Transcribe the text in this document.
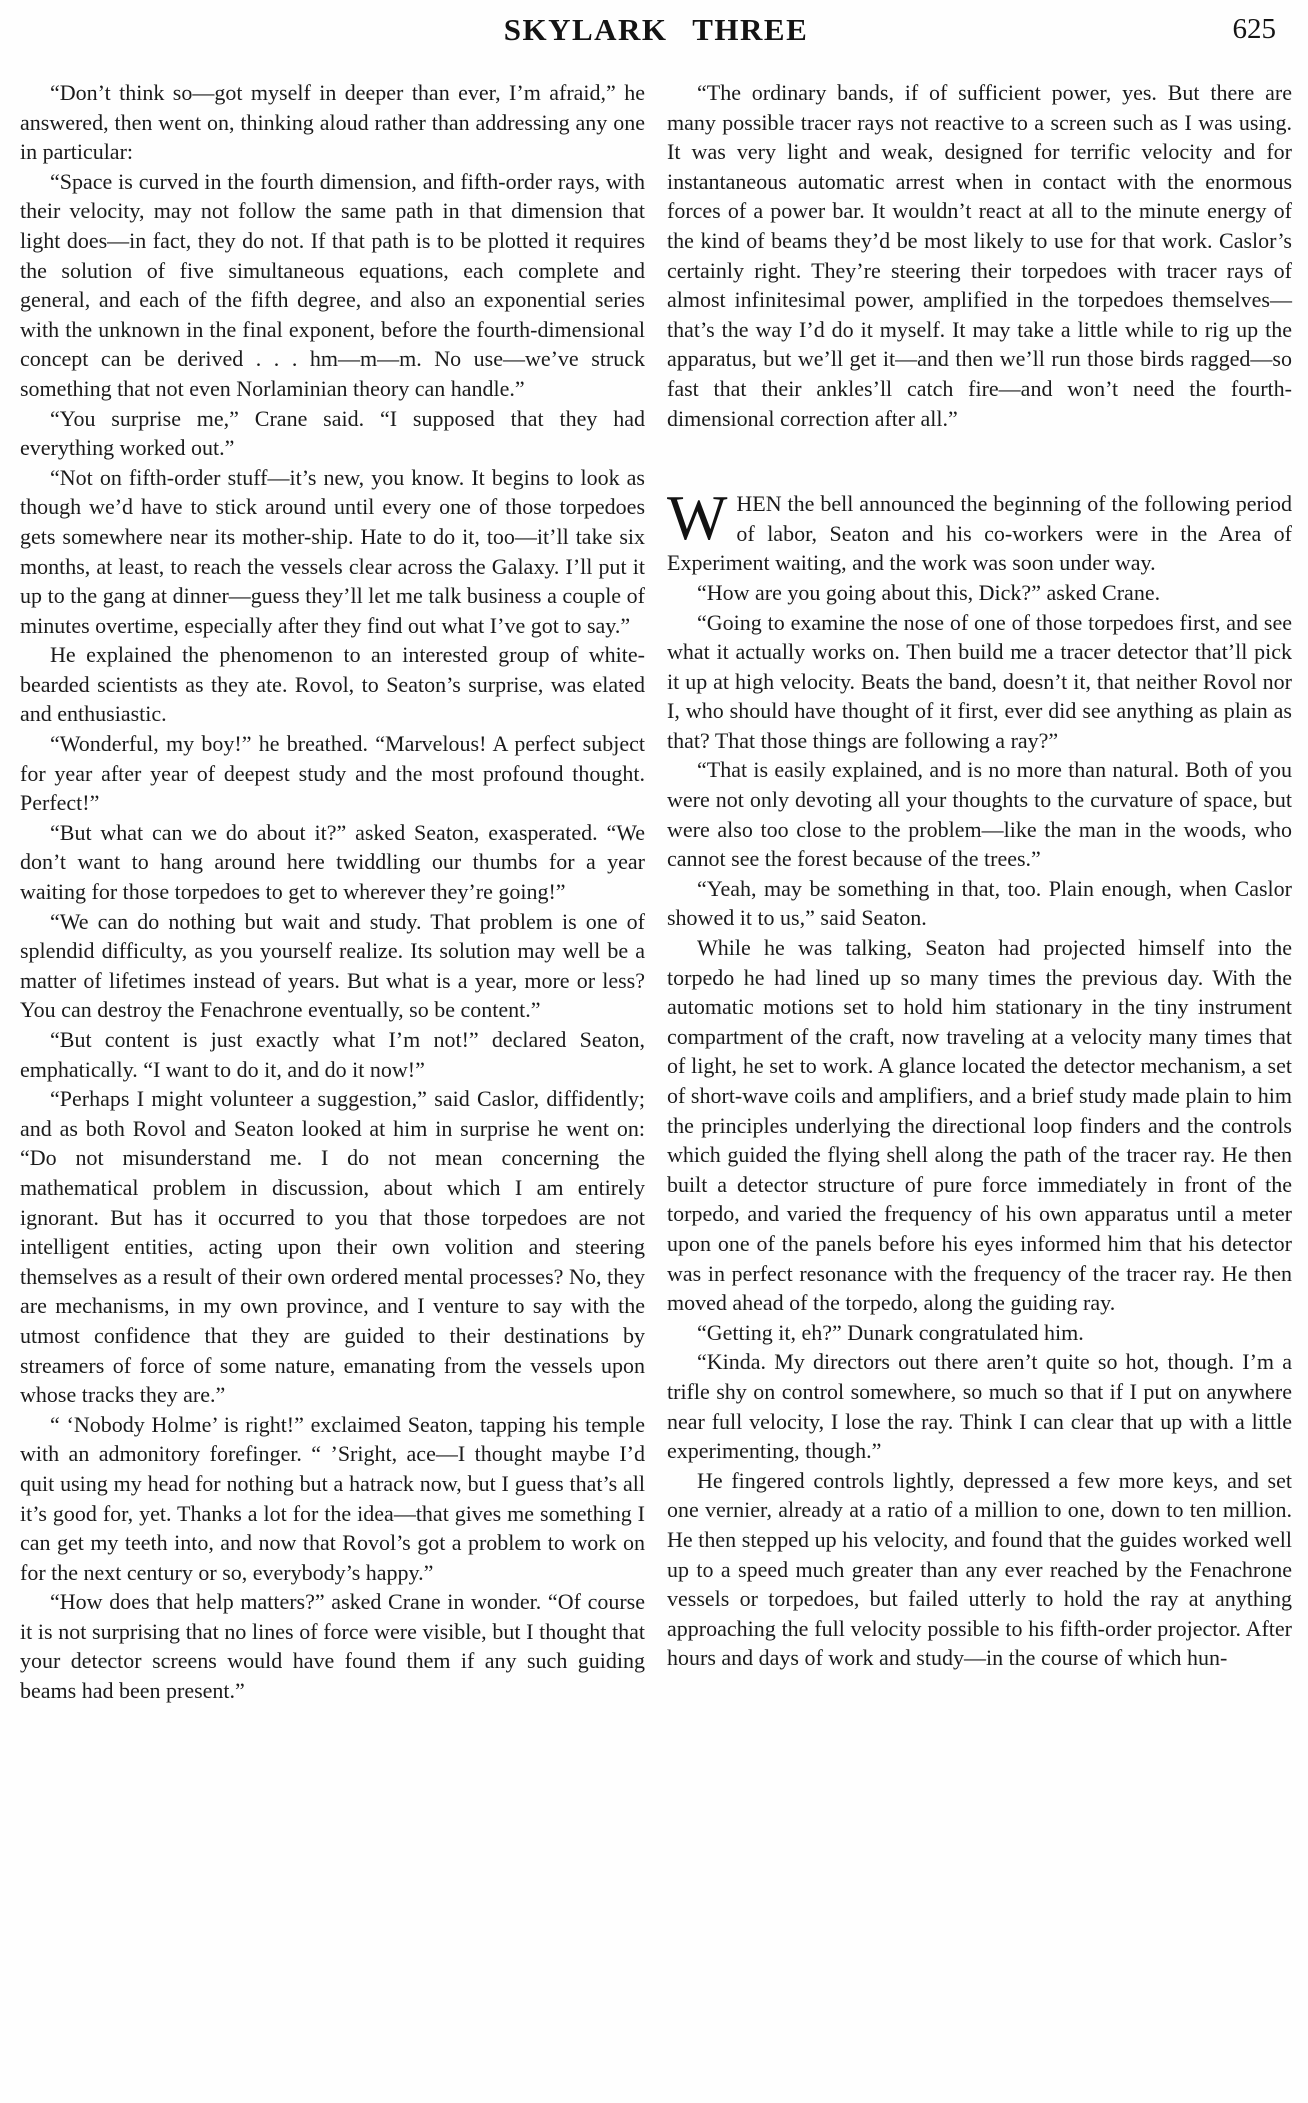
SKYLARK THREE	625

“Don’t think so—got myself in deeper than ever, I’m afraid,” he answered, then went on, thinking aloud rather than addressing any one in particular:

“Space is curved in the fourth dimension, and fifth-order rays, with their velocity, may not follow the same path in that dimension that light does—in fact, they do not. If that path is to be plotted it requires the solution of five simultaneous equations, each complete and general, and each of the fifth degree, and also an exponential series with the unknown in the final exponent, before the fourth-dimensional concept can be derived . . . hm—m—m. No use—we’ve struck something that not even Norlaminian theory can handle.”

“You surprise me,” Crane said. “I supposed that they had everything worked out.”

“Not on fifth-order stuff—it’s new, you know. It begins to look as though we’d have to stick around until every one of those torpedoes gets somewhere near its mother-ship. Hate to do it, too—it’ll take six months, at least, to reach the vessels clear across the Galaxy. I’ll put it up to the gang at dinner—guess they’ll let me talk business a couple of minutes overtime, especially after they find out what I’ve got to say.”

He explained the phenomenon to an interested group of white-bearded scientists as they ate. Rovol, to Seaton’s surprise, was elated and enthusiastic.

“Wonderful, my boy!” he breathed. “Marvelous! A perfect subject for year after year of deepest study and the most profound thought. Perfect!”

“But what can we do about it?” asked Seaton, exasperated. “We don’t want to hang around here twiddling our thumbs for a year waiting for those torpedoes to get to wherever they’re going!”

“We can do nothing but wait and study. That problem is one of splendid difficulty, as you yourself realize. Its solution may well be a matter of lifetimes instead of years. But what is a year, more or less? You can destroy the Fenachrone eventually, so be content.”

“But content is just exactly what I’m not!” declared Seaton, emphatically. “I want to do it, and do it now!”

“Perhaps I might volunteer a suggestion,” said Caslor, diffidently; and as both Rovol and Seaton looked at him in surprise he went on: “Do not misunderstand me. I do not mean concerning the mathematical problem in discussion, about which I am entirely ignorant. But has it occurred to you that those torpedoes are not intelligent entities, acting upon their own volition and steering themselves as a result of their own ordered mental processes? No, they are mechanisms, in my own province, and I venture to say with the utmost confidence that they are guided to their destinations by streamers of force of some nature, emanating from the vessels upon whose tracks they are.”

“ ‘Nobody Holme’ is right!” exclaimed Seaton, tapping his temple with an admonitory forefinger. “ ’Sright, ace—I thought maybe I’d quit using my head for nothing but a hatrack now, but I guess that’s all it’s good for, yet. Thanks a lot for the idea—that gives me something I can get my teeth into, and now that Rovol’s got a problem to work on for the next century or so, everybody’s happy.”

“How does that help matters?” asked Crane in wonder. “Of course it is not surprising that no lines of force were visible, but I thought that your detector screens would have found them if any such guiding beams had been present.”

“The ordinary bands, if of sufficient power, yes. But there are many possible tracer rays not reactive to a screen such as I was using. It was very light and weak, designed for terrific velocity and for instantaneous automatic arrest when in contact with the enormous forces of a power bar. It wouldn’t react at all to the minute energy of the kind of beams they’d be most likely to use for that work. Caslor’s certainly right. They’re steering their torpedoes with tracer rays of almost infinitesimal power, amplified in the torpedoes themselves—that’s the way I’d do it myself. It may take a little while to rig up the apparatus, but we’ll get it—and then we’ll run those birds ragged—so fast that their ankles’ll catch fire—and won’t need the fourth-dimensional correction after all.”

WHEN the bell announced the beginning of the following period of labor, Seaton and his co-workers were in the Area of Experiment waiting, and the work was soon under way.

“How are you going about this, Dick?” asked Crane.

“Going to examine the nose of one of those torpedoes first, and see what it actually works on. Then build me a tracer detector that’ll pick it up at high velocity. Beats the band, doesn’t it, that neither Rovol nor I, who should have thought of it first, ever did see anything as plain as that? That those things are following a ray?”

“That is easily explained, and is no more than natural. Both of you were not only devoting all your thoughts to the curvature of space, but were also too close to the problem—like the man in the woods, who cannot see the forest because of the trees.”

“Yeah, may be something in that, too. Plain enough, when Caslor showed it to us,” said Seaton.

While he was talking, Seaton had projected himself into the torpedo he had lined up so many times the previous day. With the automatic motions set to hold him stationary in the tiny instrument compartment of the craft, now traveling at a velocity many times that of light, he set to work. A glance located the detector mechanism, a set of short-wave coils and amplifiers, and a brief study made plain to him the principles underlying the directional loop finders and the controls which guided the flying shell along the path of the tracer ray. He then built a detector structure of pure force immediately in front of the torpedo, and varied the frequency of his own apparatus until a meter upon one of the panels before his eyes informed him that his detector was in perfect resonance with the frequency of the tracer ray. He then moved ahead of the torpedo, along the guiding ray.

“Getting it, eh?” Dunark congratulated him.

“Kinda. My directors out there aren’t quite so hot, though. I’m a trifle shy on control somewhere, so much so that if I put on anywhere near full velocity, I lose the ray. Think I can clear that up with a little experimenting, though.”

He fingered controls lightly, depressed a few more keys, and set one vernier, already at a ratio of a million to one, down to ten million. He then stepped up his velocity, and found that the guides worked well up to a speed much greater than any ever reached by the Fenachrone vessels or torpedoes, but failed utterly to hold the ray at anything approaching the full velocity possible to his fifth-order projector. After hours and days of work and study—in the course of which hun-
